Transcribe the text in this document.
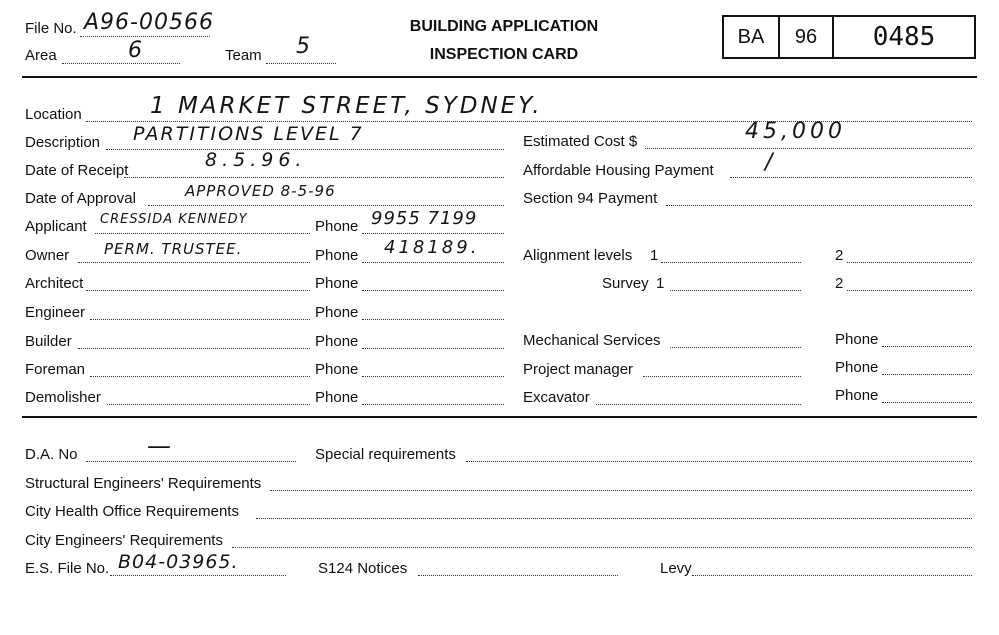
File No. A96-00566
Area	6	Team 5
BUILDING APPLICATION
INSPECTION CARD
BA	96	0485
Location	1 MARKET STREET, SYDNEY.
Description PARTITIONS LEVEL 7
Date of Receipt	8.5.96.
Date of Approval	APPROVED 8-5-96
Applicant CRESSIDA KENNEDY	Phone 9955 7199
Owner PERM. TRUSTEE.	Phone 418189.
Architect	Phone
Engineer	Phone
Builder	Phone
Foreman	Phone
Demolisher	Phone
Estimated Cost $	45,000
Affordable Housing Payment /
Section 94 Payment
Alignment levels 1	2
Survey 1	2
Mechanical Services	Phone
Project manager	Phone
Excavator	Phone
D.A. No	—	Special requirements
Structural Engineers' Requirements
City Health Office Requirements
City Engineers' Requirements
E.S. File No. B04-03965.	S124 Notices	Levy
